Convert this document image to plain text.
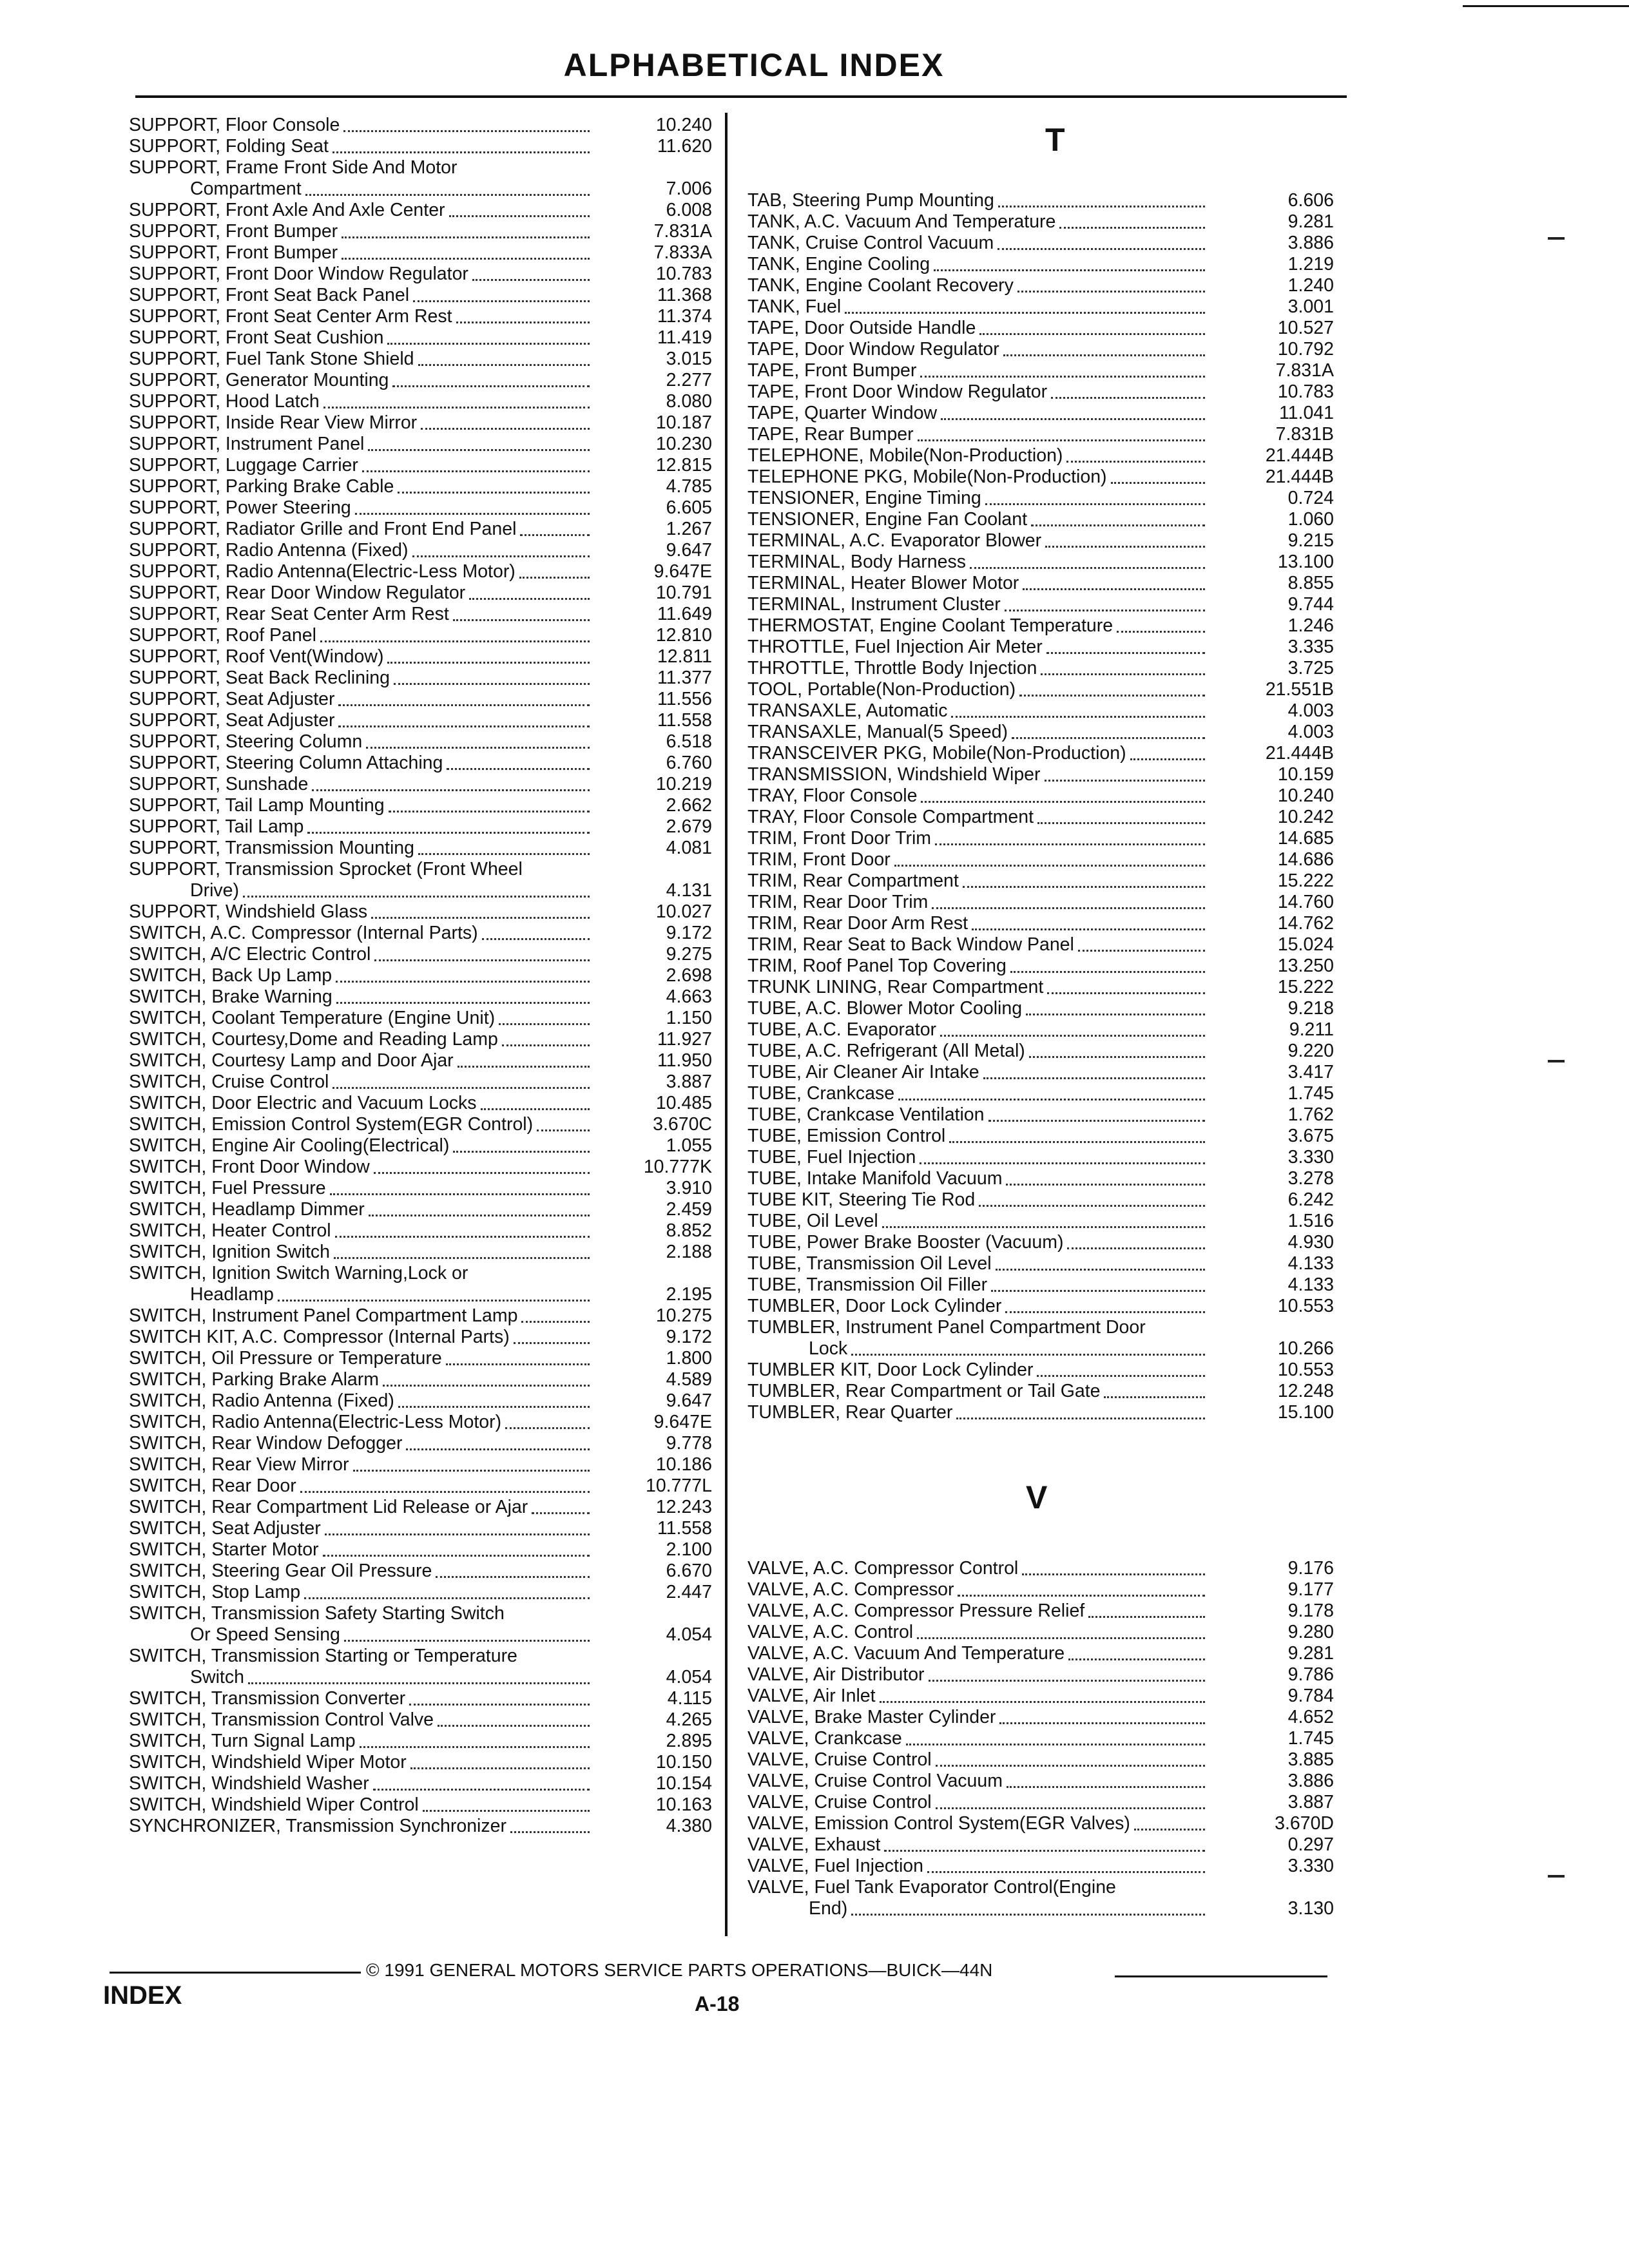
ALPHABETICAL INDEX
SUPPORT, Floor Console	10.240
SUPPORT, Folding Seat	11.620
SUPPORT, Frame Front Side And Motor
Compartment	7.006
SUPPORT, Front Axle And Axle Center	6.008
SUPPORT, Front Bumper	7.831A
SUPPORT, Front Bumper	7.833A
SUPPORT, Front Door Window Regulator	10.783
SUPPORT, Front Seat Back Panel	11.368
SUPPORT, Front Seat Center Arm Rest	11.374
SUPPORT, Front Seat Cushion	11.419
SUPPORT, Fuel Tank Stone Shield	3.015
SUPPORT, Generator Mounting	2.277
SUPPORT, Hood Latch	8.080
SUPPORT, Inside Rear View Mirror	10.187
SUPPORT, Instrument Panel	10.230
SUPPORT, Luggage Carrier	12.815
SUPPORT, Parking Brake Cable	4.785
SUPPORT, Power Steering	6.605
SUPPORT, Radiator Grille and Front End Panel	1.267
SUPPORT, Radio Antenna (Fixed)	9.647
SUPPORT, Radio Antenna(Electric-Less Motor)	9.647E
SUPPORT, Rear Door Window Regulator	10.791
SUPPORT, Rear Seat Center Arm Rest	11.649
SUPPORT, Roof Panel	12.810
SUPPORT, Roof Vent(Window)	12.811
SUPPORT, Seat Back Reclining	11.377
SUPPORT, Seat Adjuster	11.556
SUPPORT, Seat Adjuster	11.558
SUPPORT, Steering Column	6.518
SUPPORT, Steering Column Attaching	6.760
SUPPORT, Sunshade	10.219
SUPPORT, Tail Lamp Mounting	2.662
SUPPORT, Tail Lamp	2.679
SUPPORT, Transmission Mounting	4.081
SUPPORT, Transmission Sprocket (Front Wheel
Drive)	4.131
SUPPORT, Windshield Glass	10.027
SWITCH, A.C. Compressor (Internal Parts)	9.172
SWITCH, A/C Electric Control	9.275
SWITCH, Back Up Lamp	2.698
SWITCH, Brake Warning	4.663
SWITCH, Coolant Temperature (Engine Unit)	1.150
SWITCH, Courtesy,Dome and Reading Lamp	11.927
SWITCH, Courtesy Lamp and Door Ajar	11.950
SWITCH, Cruise Control	3.887
SWITCH, Door Electric and Vacuum Locks	10.485
SWITCH, Emission Control System(EGR Control)	3.670C
SWITCH, Engine Air Cooling(Electrical)	1.055
SWITCH, Front Door Window	10.777K
SWITCH, Fuel Pressure	3.910
SWITCH, Headlamp Dimmer	2.459
SWITCH, Heater Control	8.852
SWITCH, Ignition Switch	2.188
SWITCH, Ignition Switch Warning,Lock or
Headlamp	2.195
SWITCH, Instrument Panel Compartment Lamp	10.275
SWITCH KIT, A.C. Compressor (Internal Parts)	9.172
SWITCH, Oil Pressure or Temperature	1.800
SWITCH, Parking Brake Alarm	4.589
SWITCH, Radio Antenna (Fixed)	9.647
SWITCH, Radio Antenna(Electric-Less Motor)	9.647E
SWITCH, Rear Window Defogger	9.778
SWITCH, Rear View Mirror	10.186
SWITCH, Rear Door	10.777L
SWITCH, Rear Compartment Lid Release or Ajar	12.243
SWITCH, Seat Adjuster	11.558
SWITCH, Starter Motor	2.100
SWITCH, Steering Gear Oil Pressure	6.670
SWITCH, Stop Lamp	2.447
SWITCH, Transmission Safety Starting Switch
Or Speed Sensing	4.054
SWITCH, Transmission Starting or Temperature
Switch	4.054
SWITCH, Transmission Converter	4.115
SWITCH, Transmission Control Valve	4.265
SWITCH, Turn Signal Lamp	2.895
SWITCH, Windshield Wiper Motor	10.150
SWITCH, Windshield Washer	10.154
SWITCH, Windshield Wiper Control	10.163
SYNCHRONIZER, Transmission Synchronizer	4.380
T
TAB, Steering Pump Mounting	6.606
TANK, A.C. Vacuum And Temperature	9.281
TANK, Cruise Control Vacuum	3.886
TANK, Engine Cooling	1.219
TANK, Engine Coolant Recovery	1.240
TANK, Fuel	3.001
TAPE, Door Outside Handle	10.527
TAPE, Door Window Regulator	10.792
TAPE, Front Bumper	7.831A
TAPE, Front Door Window Regulator	10.783
TAPE, Quarter Window	11.041
TAPE, Rear Bumper	7.831B
TELEPHONE, Mobile(Non-Production)	21.444B
TELEPHONE PKG, Mobile(Non-Production)	21.444B
TENSIONER, Engine Timing	0.724
TENSIONER, Engine Fan Coolant	1.060
TERMINAL, A.C. Evaporator Blower	9.215
TERMINAL, Body Harness	13.100
TERMINAL, Heater Blower Motor	8.855
TERMINAL, Instrument Cluster	9.744
THERMOSTAT, Engine Coolant Temperature	1.246
THROTTLE, Fuel Injection Air Meter	3.335
THROTTLE, Throttle Body Injection	3.725
TOOL, Portable(Non-Production)	21.551B
TRANSAXLE, Automatic	4.003
TRANSAXLE, Manual(5 Speed)	4.003
TRANSCEIVER PKG, Mobile(Non-Production)	21.444B
TRANSMISSION, Windshield Wiper	10.159
TRAY, Floor Console	10.240
TRAY, Floor Console Compartment	10.242
TRIM, Front Door Trim	14.685
TRIM, Front Door	14.686
TRIM, Rear Compartment	15.222
TRIM, Rear Door Trim	14.760
TRIM, Rear Door Arm Rest	14.762
TRIM, Rear Seat to Back Window Panel	15.024
TRIM, Roof Panel Top Covering	13.250
TRUNK LINING, Rear Compartment	15.222
TUBE, A.C. Blower Motor Cooling	9.218
TUBE, A.C. Evaporator	9.211
TUBE, A.C. Refrigerant (All Metal)	9.220
TUBE, Air Cleaner Air Intake	3.417
TUBE, Crankcase	1.745
TUBE, Crankcase Ventilation	1.762
TUBE, Emission Control	3.675
TUBE, Fuel Injection	3.330
TUBE, Intake Manifold Vacuum	3.278
TUBE KIT, Steering Tie Rod	6.242
TUBE, Oil Level	1.516
TUBE, Power Brake Booster (Vacuum)	4.930
TUBE, Transmission Oil Level	4.133
TUBE, Transmission Oil Filler	4.133
TUMBLER, Door Lock Cylinder	10.553
TUMBLER, Instrument Panel Compartment Door
Lock	10.266
TUMBLER KIT, Door Lock Cylinder	10.553
TUMBLER, Rear Compartment or Tail Gate	12.248
TUMBLER, Rear Quarter	15.100
V
VALVE, A.C. Compressor Control	9.176
VALVE, A.C. Compressor	9.177
VALVE, A.C. Compressor Pressure Relief	9.178
VALVE, A.C. Control	9.280
VALVE, A.C. Vacuum And Temperature	9.281
VALVE, Air Distributor	9.786
VALVE, Air Inlet	9.784
VALVE, Brake Master Cylinder	4.652
VALVE, Crankcase	1.745
VALVE, Cruise Control	3.885
VALVE, Cruise Control Vacuum	3.886
VALVE, Cruise Control	3.887
VALVE, Emission Control System(EGR Valves)	3.670D
VALVE, Exhaust	0.297
VALVE, Fuel Injection	3.330
VALVE, Fuel Tank Evaporator Control(Engine
End)	3.130
© 1991 GENERAL MOTORS SERVICE PARTS OPERATIONS—BUICK—44N
INDEX	A-18
